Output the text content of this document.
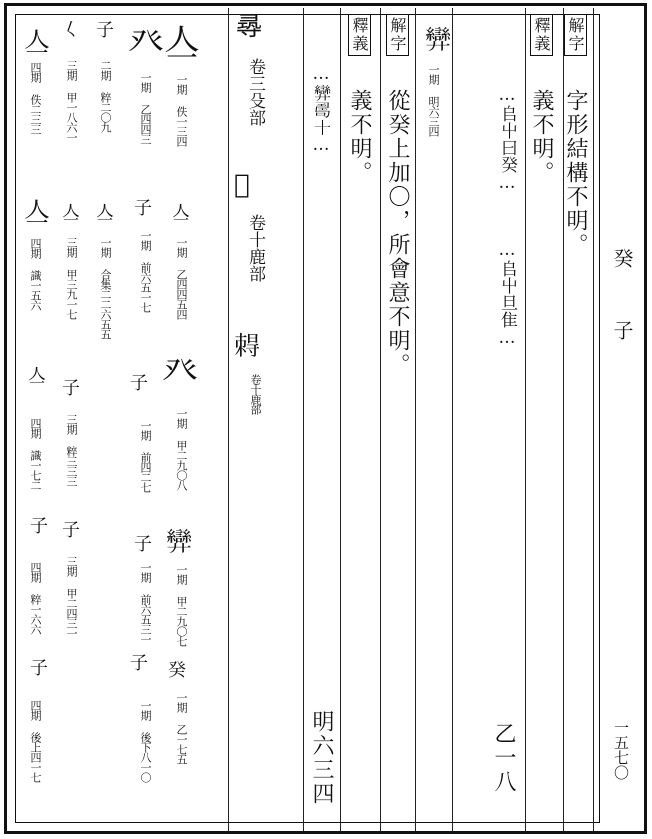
癸 子
一五七〇
解字 字形結構不明。
釋義 義不明。
…𠂤屮曰癸…
…𠂤屮旦隹…
乙一八
𢍶
一期 明六三四
解字 從癸上加〇，所會意不明。
釋義 義不明。
…𢍶𠷎十…
明六三四
𡬶
卷三殳部
𡬷
卷十鹿部
𡭂
卷十鹿部
亼
一期 佚一三四
亼
一期 乙四四五四
癶
一期 甲二九〇八
𢍶
一期 甲二九〇七
癸
一期 乙一七五
癶
一期 乙四四三
子
一期 前六五一七
子
一期 前四二七
子
一期 前六五三一
子
一期 後下八一〇
子
二期 粹二〇九
亼
一期 合集二二六五五
𡿨
三期 甲一八六一
亼
三期 甲三九一七
子
三期 粹三三三
子
三期 甲二四三一
亼
四期 佚二三三
亼
四期 識一五六
亼
四期 識一七二
子
四期 粹一六六
子
四期 後上四一七
